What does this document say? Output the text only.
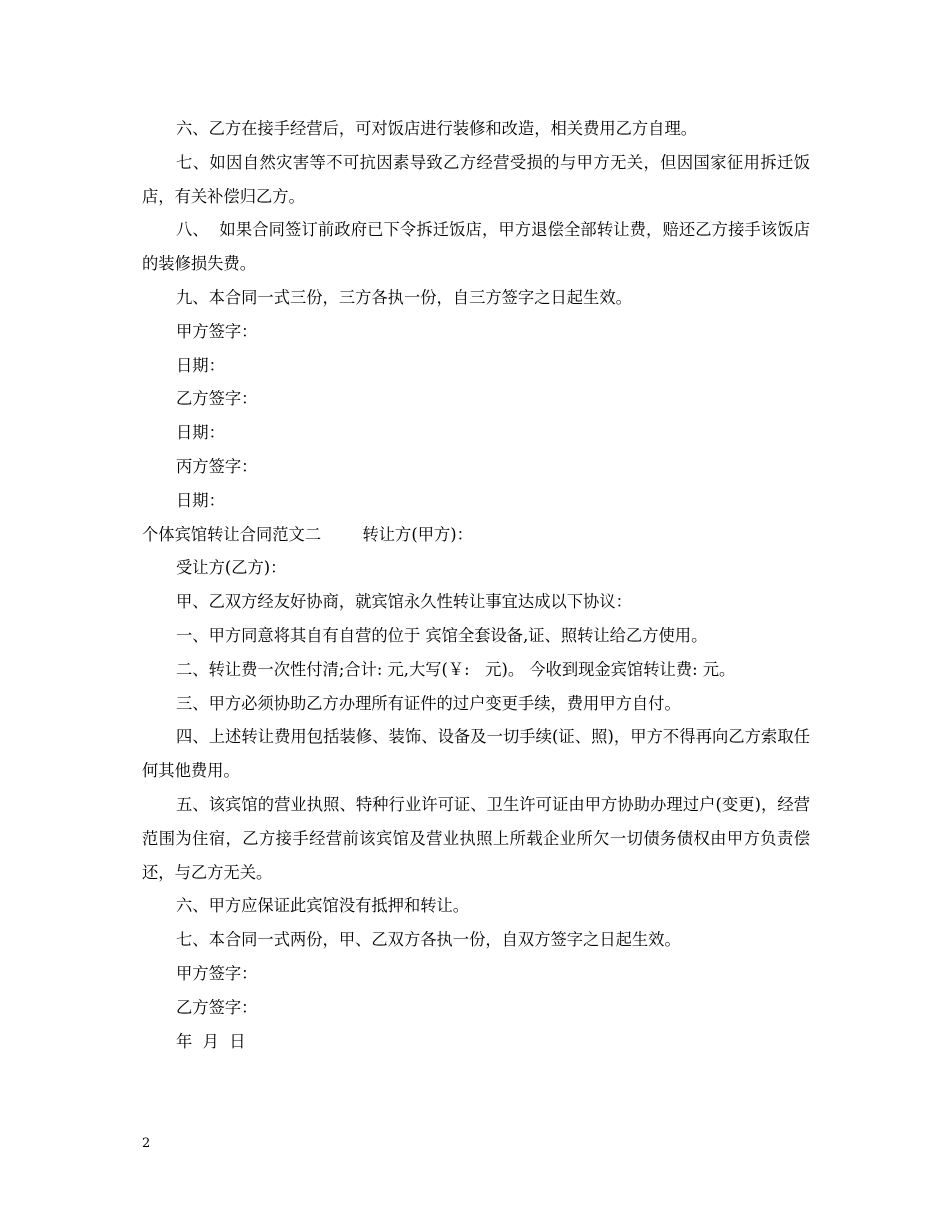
六、乙方在接手经营后，可对饭店进行装修和改造，相关费用乙方自理。

七、如因自然灾害等不可抗因素导致乙方经营受损的与甲方无关，但因国家征用拆迁饭店，有关补偿归乙方。

八、  如果合同签订前政府已下令拆迁饭店，甲方退偿全部转让费，赔还乙方接手该饭店的装修损失费。

九、本合同一式三份，三方各执一份，自三方签字之日起生效。

甲方签字：

日期：

乙方签字：

日期：

丙方签字：

日期：

个体宾馆转让合同范文二        转让方(甲方)：

受让方(乙方)：

甲、乙双方经友好协商，就宾馆永久性转让事宜达成以下协议：

一、甲方同意将其自有自营的位于 宾馆全套设备,证、照转让给乙方使用。

二、转让费一次性付清;合计: 元,大写(￥:   元)。 今收到现金宾馆转让费: 元。

三、甲方必须协助乙方办理所有证件的过户变更手续，费用甲方自付。

四、上述转让费用包括装修、装饰、设备及一切手续(证、照)，甲方不得再向乙方索取任何其他费用。

五、该宾馆的营业执照、特种行业许可证、卫生许可证由甲方协助办理过户(变更)，经营范围为住宿，乙方接手经营前该宾馆及营业执照上所载企业所欠一切债务债权由甲方负责偿还，与乙方无关。

六、甲方应保证此宾馆没有抵押和转让。

七、本合同一式两份，甲、乙双方各执一份，自双方签字之日起生效。

甲方签字：

乙方签字：

年  月  日

2
